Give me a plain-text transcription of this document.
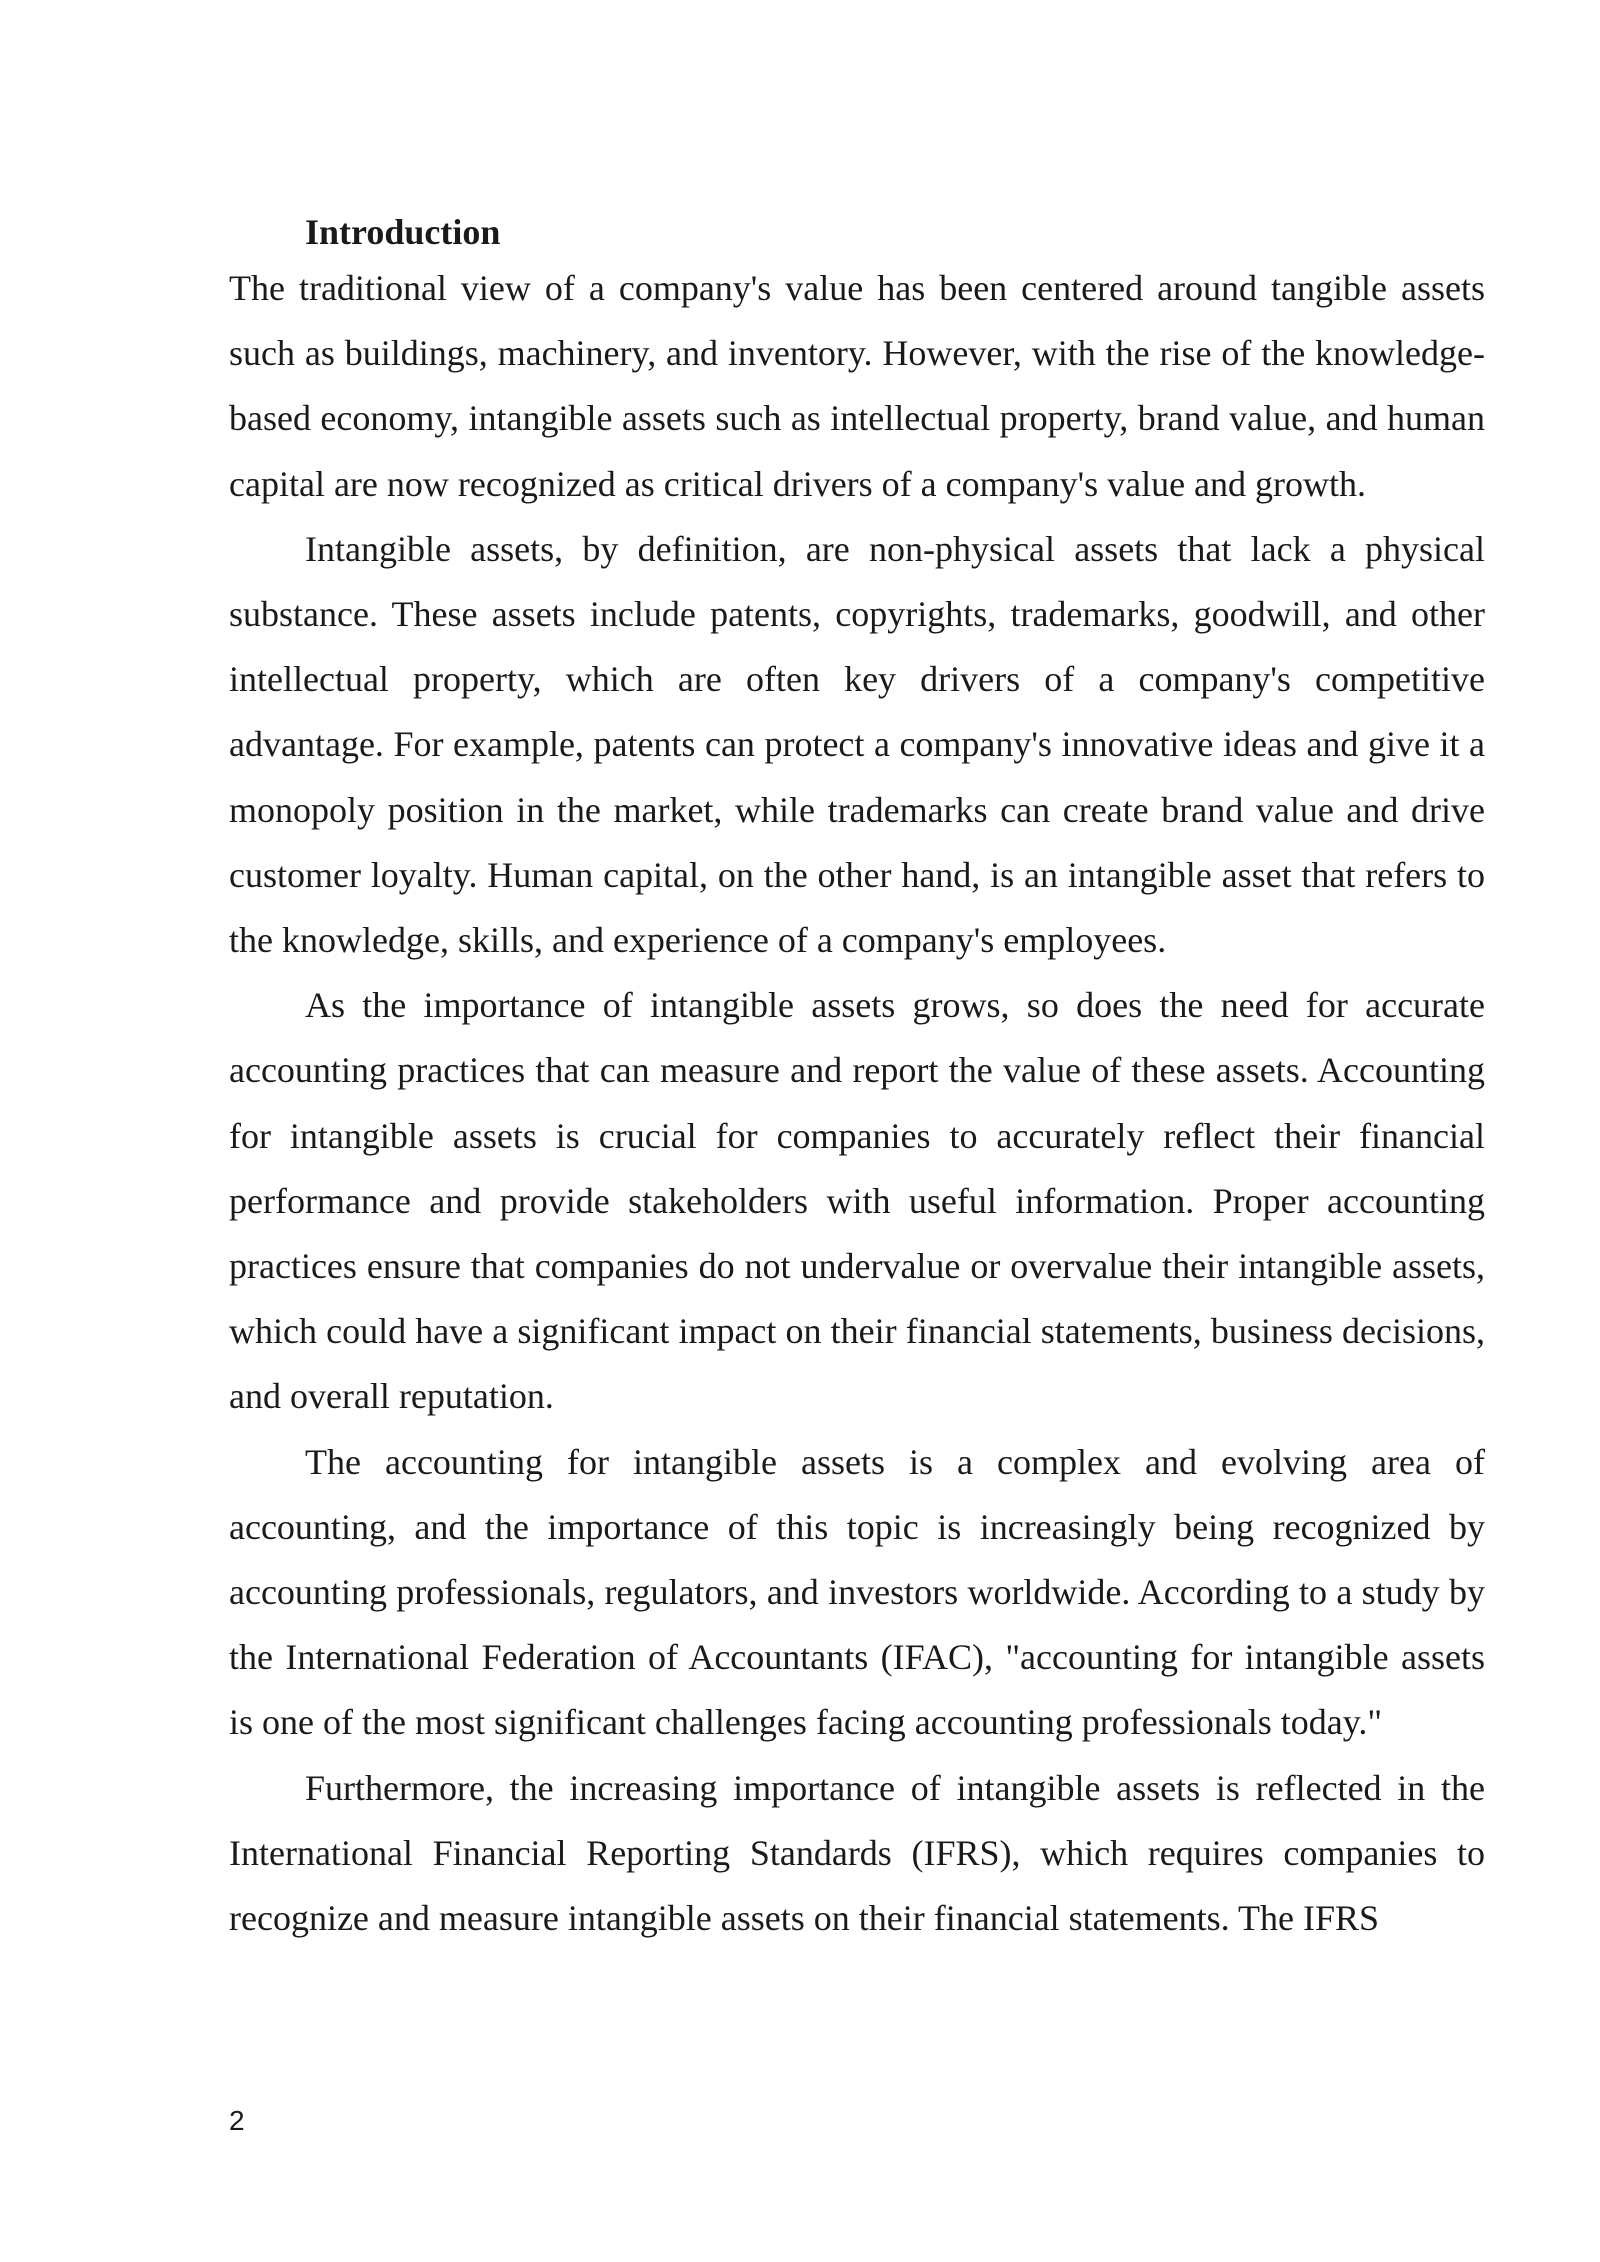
Introduction

The traditional view of a company's value has been centered around tangible assets such as buildings, machinery, and inventory. However, with the rise of the knowledge-based economy, intangible assets such as intellectual property, brand value, and human capital are now recognized as critical drivers of a company's value and growth.

Intangible assets, by definition, are non-physical assets that lack a physical substance. These assets include patents, copyrights, trademarks, goodwill, and other intellectual property, which are often key drivers of a company's competitive advantage. For example, patents can protect a company's innovative ideas and give it a monopoly position in the market, while trademarks can create brand value and drive customer loyalty. Human capital, on the other hand, is an intangible asset that refers to the knowledge, skills, and experience of a company's employees.

As the importance of intangible assets grows, so does the need for accurate accounting practices that can measure and report the value of these assets. Accounting for intangible assets is crucial for companies to accurately reflect their financial performance and provide stakeholders with useful information. Proper accounting practices ensure that companies do not undervalue or overvalue their intangible assets, which could have a significant impact on their financial statements, business decisions, and overall reputation.

The accounting for intangible assets is a complex and evolving area of accounting, and the importance of this topic is increasingly being recognized by accounting professionals, regulators, and investors worldwide. According to a study by the International Federation of Accountants (IFAC), "accounting for intangible assets is one of the most significant challenges facing accounting professionals today."

Furthermore, the increasing importance of intangible assets is reflected in the International Financial Reporting Standards (IFRS), which requires companies to recognize and measure intangible assets on their financial statements. The IFRS

2
